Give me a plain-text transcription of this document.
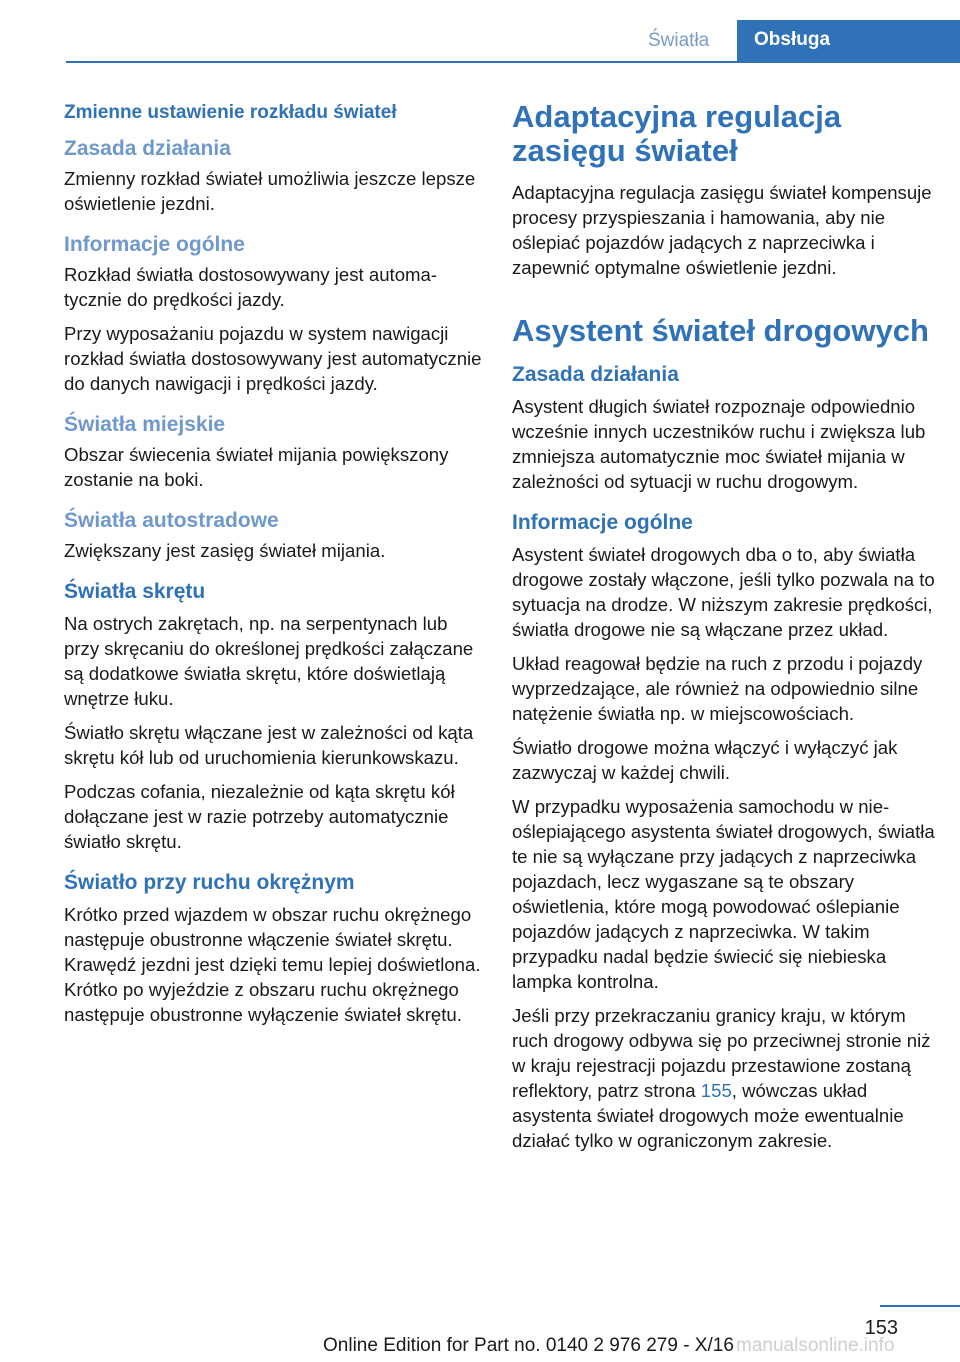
Światła	Obsługa
Zmienne ustawienie rozkładu świateł
Zasada działania

Zmienny rozkład świateł umożliwia jeszcze lepsze oświetlenie jezdni.

Informacje ogólne

Rozkład światła dostosowywany jest automatycznie do prędkości jazdy.

Przy wyposażaniu pojazdu w system nawigacji rozkład światła dostosowywany jest automatycznie do danych nawigacji i prędkości jazdy.

Światła miejskie

Obszar świecenia świateł mijania powiększony zostanie na boki.

Światła autostradowe

Zwiększany jest zasięg świateł mijania.

Światła skrętu

Na ostrych zakrętach, np. na serpentynach lub przy skręcaniu do określonej prędkości załączane są dodatkowe światła skrętu, które doświetlają wnętrze łuku.

Światło skrętu włączane jest w zależności od kąta skrętu kół lub od uruchomienia kierunkowskazu.

Podczas cofania, niezależnie od kąta skrętu kół dołączane jest w razie potrzeby automatycznie światło skrętu.

Światło przy ruchu okrężnym

Krótko przed wjazdem w obszar ruchu okrężnego następuje obustronne włączenie świateł skrętu. Krawędź jezdni jest dzięki temu lepiej doświetlona. Krótko po wyjeździe z obszaru ruchu okrężnego następuje obustronne wyłączenie świateł skrętu.

Adaptacyjna regulacja zasięgu świateł

Adaptacyjna regulacja zasięgu świateł kompensuje procesy przyspieszania i hamowania, aby nie oślepiać pojazdów jadących z naprzeciwka i zapewnić optymalne oświetlenie jezdni.

Asystent świateł drogowych
Zasada działania

Asystent długich świateł rozpoznaje odpowiednio wcześnie innych uczestników ruchu i zwiększa lub zmniejsza automatycznie moc świateł mijania w zależności od sytuacji w ruchu drogowym.

Informacje ogólne

Asystent świateł drogowych dba o to, aby światła drogowe zostały włączone, jeśli tylko pozwala na to sytuacja na drodze. W niższym zakresie prędkości, światła drogowe nie są włączane przez układ.

Układ reagował będzie na ruch z przodu i pojazdy wyprzedzające, ale również na odpowiednio silne natężenie światła np. w miejscowościach.

Światło drogowe można włączyć i wyłączyć jak zazwyczaj w każdej chwili.

W przypadku wyposażenia samochodu w nieoślepiającego asystenta świateł drogowych, światła te nie są wyłączane przy jadących z naprzeciwka pojazdach, lecz wygaszane są te obszary oświetlenia, które mogą powodować oślepianie pojazdów jadących z naprzeciwka. W takim przypadku nadal będzie świecić się niebieska lampka kontrolna.

Jeśli przy przekraczaniu granicy kraju, w którym ruch drogowy odbywa się po przeciwnej stronie niż w kraju rejestracji pojazdu przestawione zostaną reflektory, patrz strona 155, wówczas układ asystenta świateł drogowych może ewentualnie działać tylko w ograniczonym zakresie.

153
Online Edition for Part no. 0140 2 976 279 - X/16 manualsonline.info
